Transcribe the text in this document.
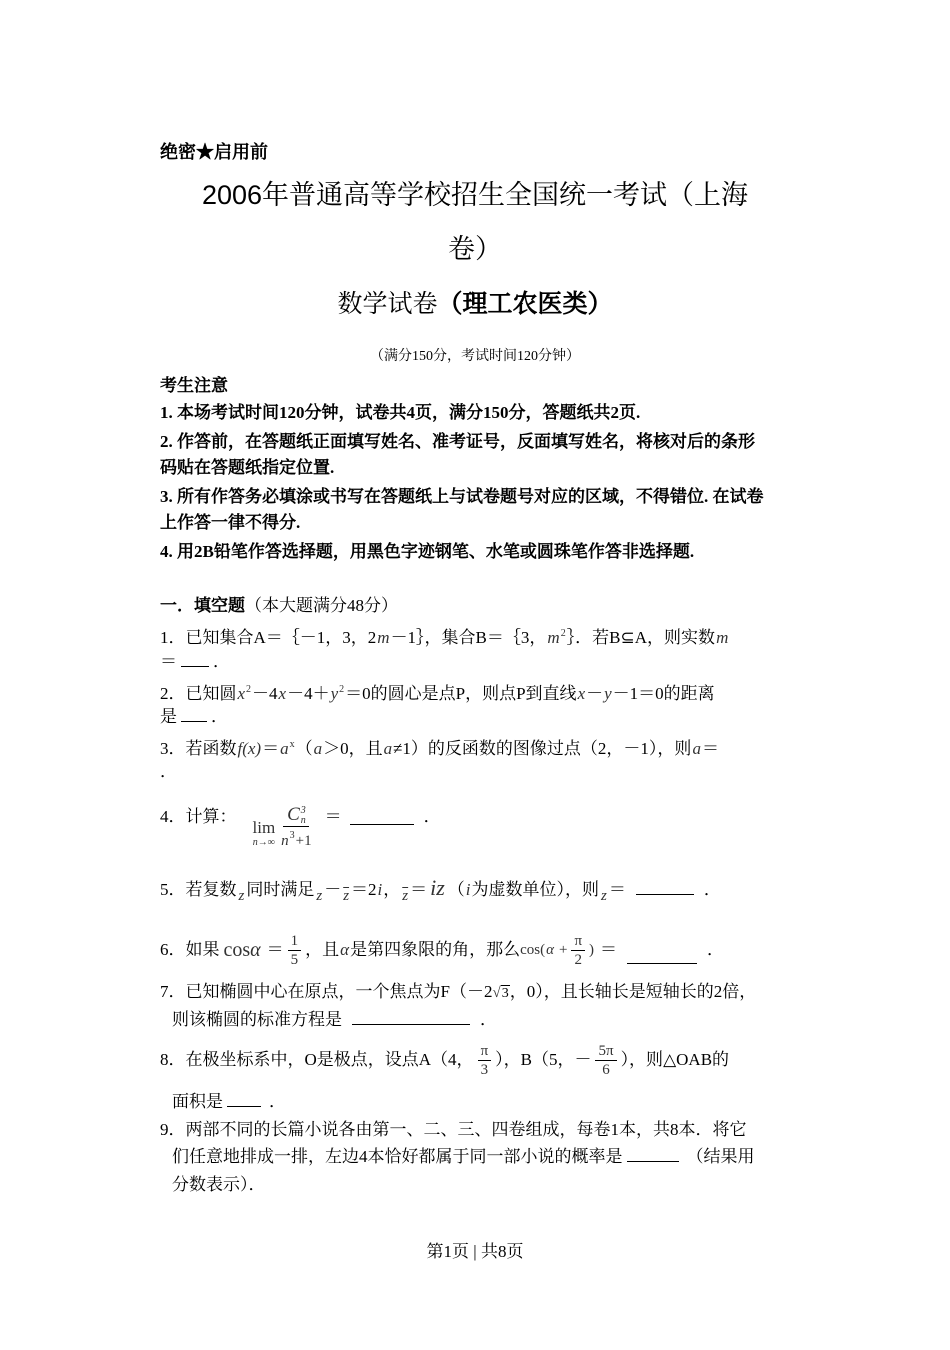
绝密★启用前
2006年普通高等学校招生全国统一考试（上海
卷）
数学试卷（理工农医类）
（满分150分，考试时间120分钟）
考生注意
1. 本场考试时间120分钟，试卷共4页，满分150分，答题纸共2页.
2. 作答前，在答题纸正面填写姓名、准考证号，反面填写姓名，将核对后的条形
码贴在答题纸指定位置.
3. 所有作答务必填涂或书写在答题纸上与试卷题号对应的区域，不得错位. 在试卷
上作答一律不得分.
4. 用2B铅笔作答选择题，用黑色字迹钢笔、水笔或圆珠笔作答非选择题.
一．填空题（本大题满分48分）
1．已知集合A＝｛－1，3，2m－1｝，集合B＝｛3，$m^2\}$．若B⊆A，则实数m
＝ ．
2．已知圆$x^2-4x-4+y^2=0$的圆心是点P，则点P到直线x－y－1＝0的距离
是 ．
3．若函数$f(x)=a^x(a>0$，且a≠1）的反函数的图像过点（2，－1），则a＝
．
4．计算：
lim
n→∞ C 3
n
$n^3+1$ ＝	．
5．若复数 z 同时满足 $z - \overline{z} =2i$， $\overline{z}$ ＝ iz （i为虚数单位），则 z ＝	．
6．如果 $\cos \alpha = \frac{1}{5}$ ，且 α 是第四象限的角，那么 cos( $\alpha + \frac{\pi}{2}$ ) ＝	．
7．已知椭圆中心在原点，一个焦点为F（－2√3，0），且长轴长是短轴长的2倍，
则该椭圆的标准方程是	．
8．在极坐标系中，O是极点，设点A（4， $\frac{\pi}{3}$ ），B（5，－ $\frac{5\pi}{6}$ ），则 △OAB的
面积是	．
9．两部不同的长篇小说各由第一、二、三、四卷组成，每卷1本，共8本．将它
们任意地排成一排，左边4本恰好都属于同一部小说的概率是	（结果用
分数表示）．
第1页 | 共8页
